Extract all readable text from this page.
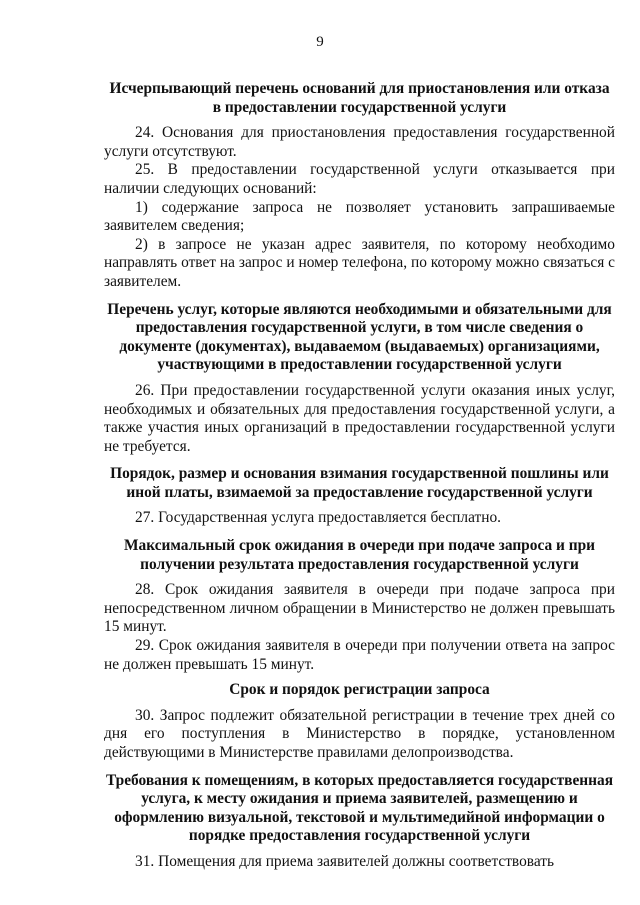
9
Исчерпывающий перечень оснований для приостановления или отказа в предоставлении государственной услуги
24. Основания для приостановления предоставления государственной услуги отсутствуют.
25. В предоставлении государственной услуги отказывается при наличии следующих оснований:
1) содержание запроса не позволяет установить запрашиваемые заявителем сведения;
2) в запросе не указан адрес заявителя, по которому необходимо направлять ответ на запрос и номер телефона, по которому можно связаться с заявителем.
Перечень услуг, которые являются необходимыми и обязательными для предоставления государственной услуги, в том числе сведения о документе (документах), выдаваемом (выдаваемых) организациями, участвующими в предоставлении государственной услуги
26. При предоставлении государственной услуги оказания иных услуг, необходимых и обязательных для предоставления государственной услуги, а также участия иных организаций в предоставлении государственной услуги не требуется.
Порядок, размер и основания взимания государственной пошлины или иной платы, взимаемой за предоставление государственной услуги
27. Государственная услуга предоставляется бесплатно.
Максимальный срок ожидания в очереди при подаче запроса и при получении результата предоставления государственной услуги
28. Срок ожидания заявителя в очереди при подаче запроса при непосредственном личном обращении в Министерство не должен превышать 15 минут.
29. Срок ожидания заявителя в очереди при получении ответа на запрос не должен превышать 15 минут.
Срок и порядок регистрации запроса
30. Запрос подлежит обязательной регистрации в течение трех дней со дня его поступления в Министерство в порядке, установленном действующими в Министерстве правилами делопроизводства.
Требования к помещениям, в которых предоставляется государственная услуга, к месту ожидания и приема заявителей, размещению и оформлению визуальной, текстовой и мультимедийной информации о порядке предоставления государственной услуги
31. Помещения для приема заявителей должны соответствовать
